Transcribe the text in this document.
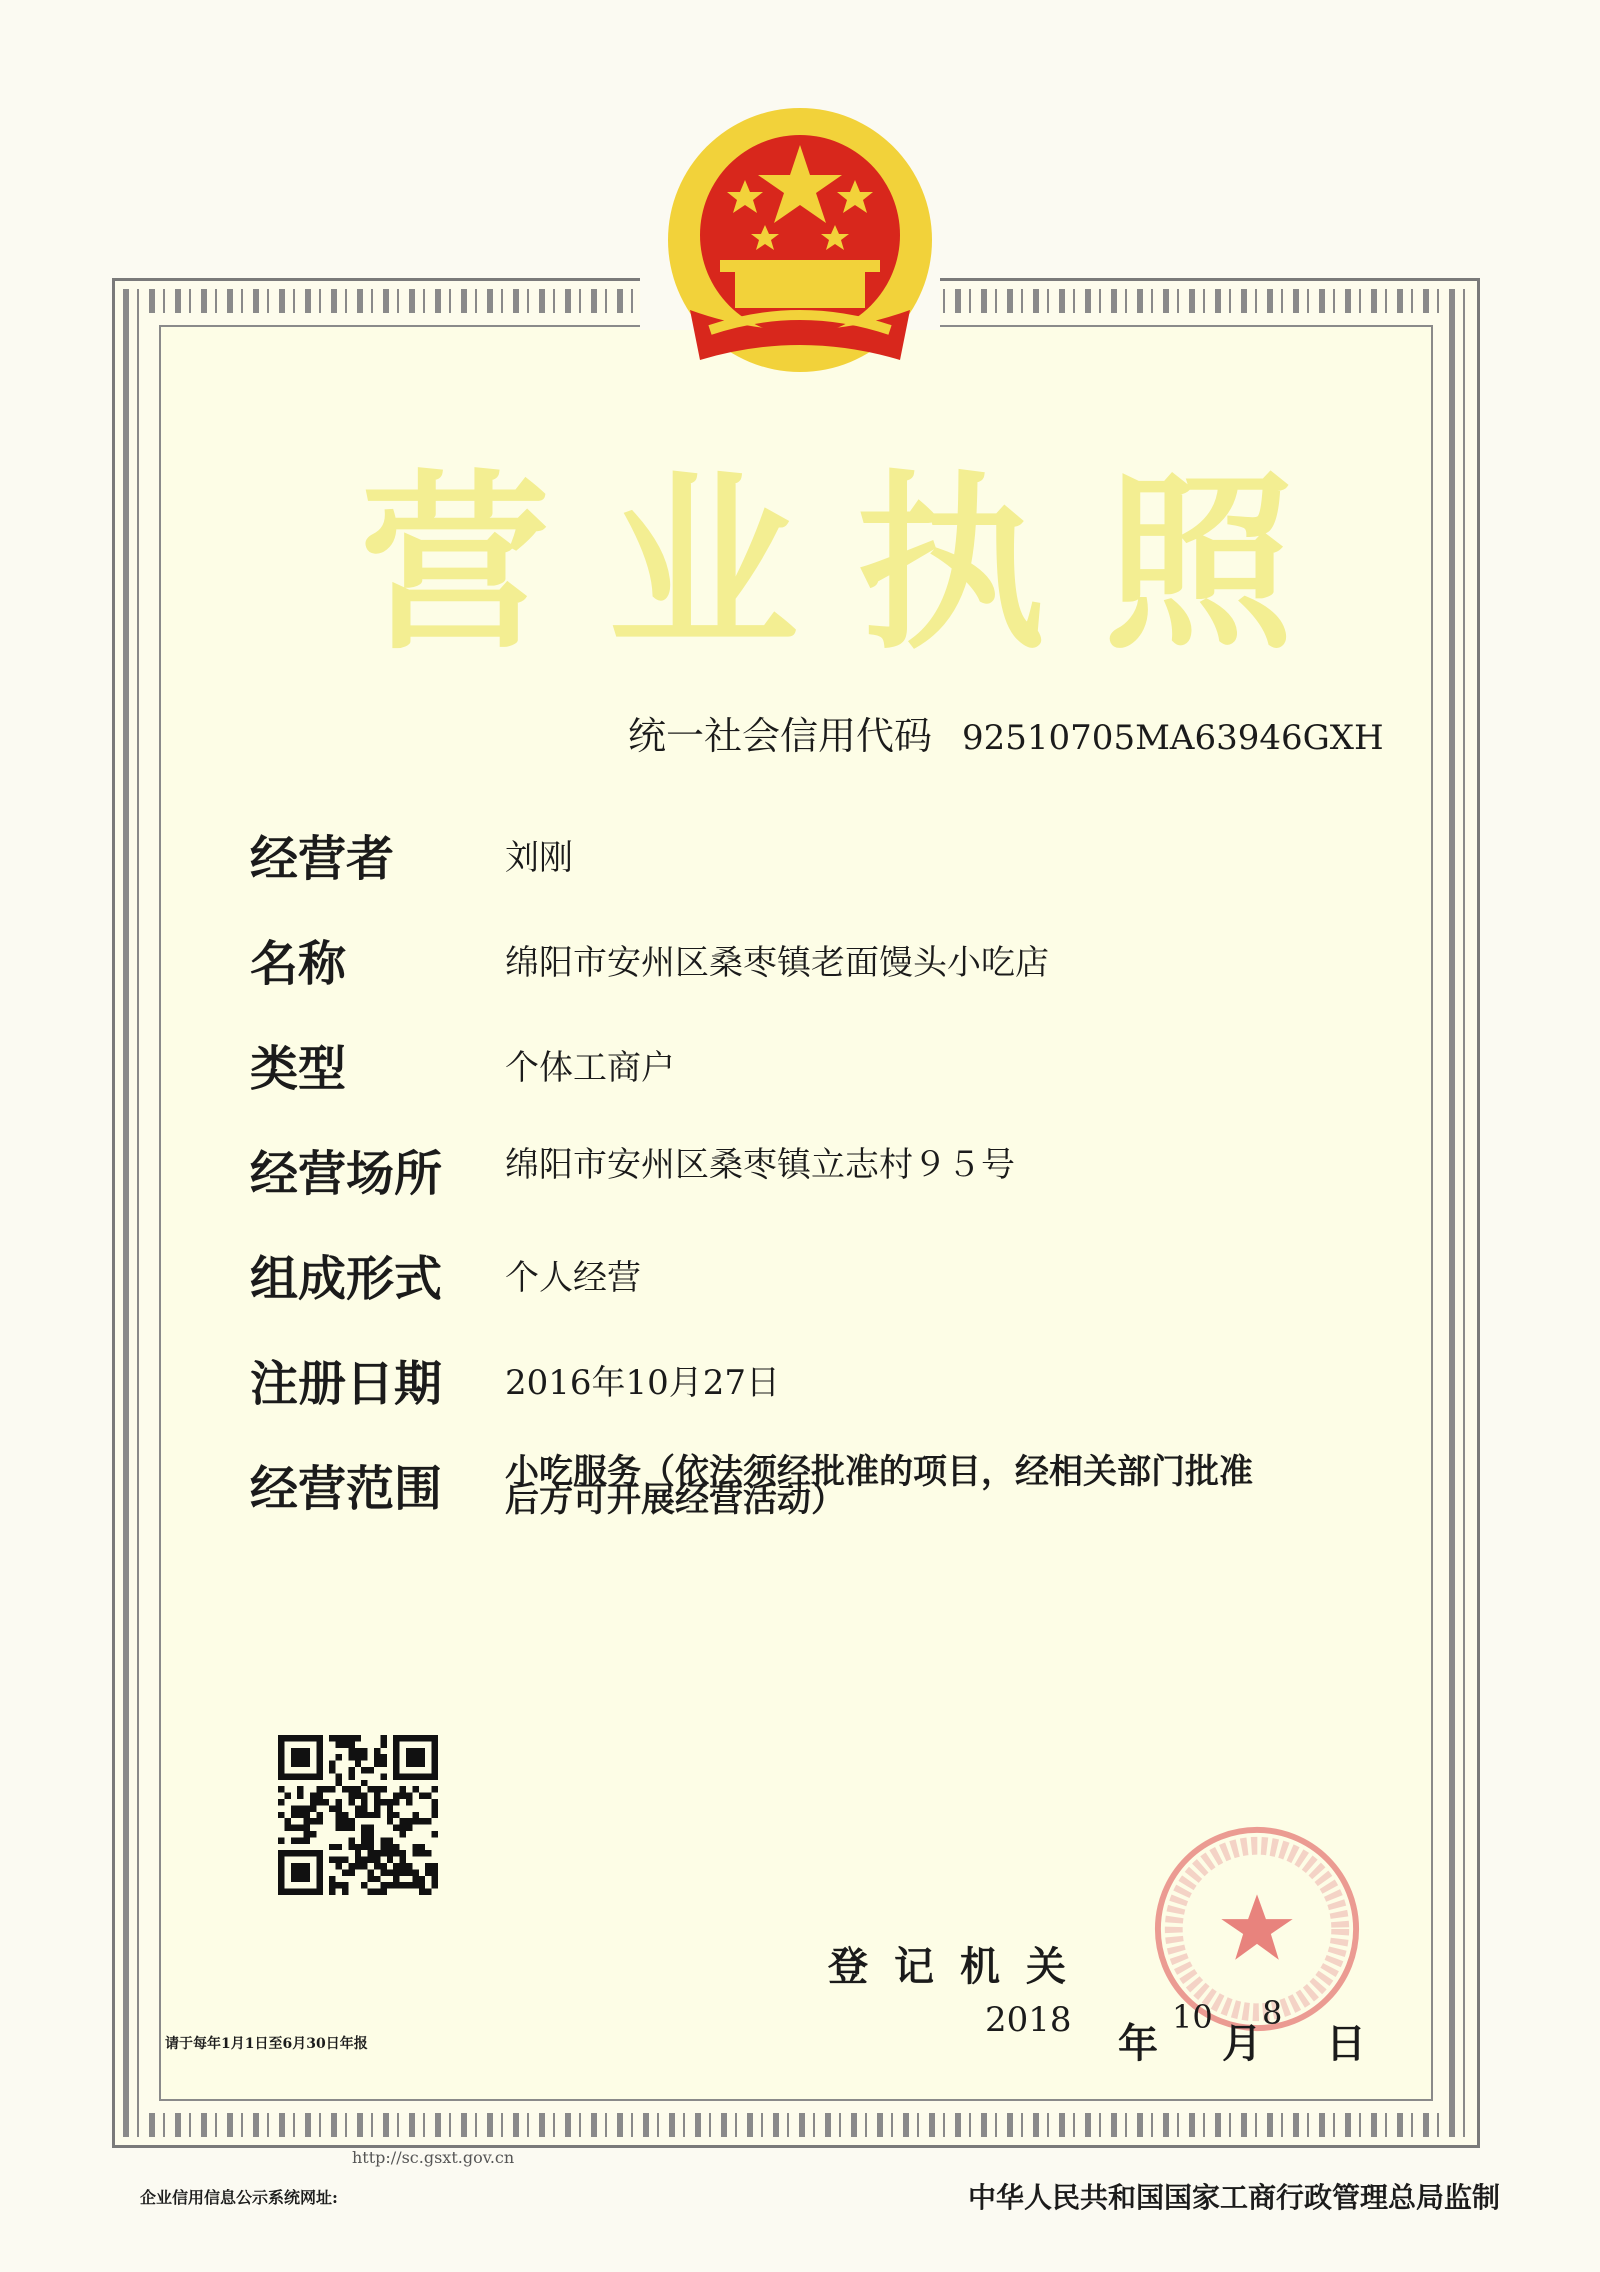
营业执照
统一社会信用代码 92510705MA63946GXH
经营者	刘刚
名称	绵阳市安州区桑枣镇老面馒头小吃店
类型	个体工商户
经营场所	绵阳市安州区桑枣镇立志村９５号
组成形式	个人经营
注册日期	2016年10月27日
经营范围	小吃服务（依法须经批准的项目，经相关部门批准后方可开展经营活动）
登记机关
2018
年
10
月
8
日
请于每年1月1日至6月30日年报
http://sc.gsxt.gov.cn
企业信用信息公示系统网址:	中华人民共和国国家工商行政管理总局监制
